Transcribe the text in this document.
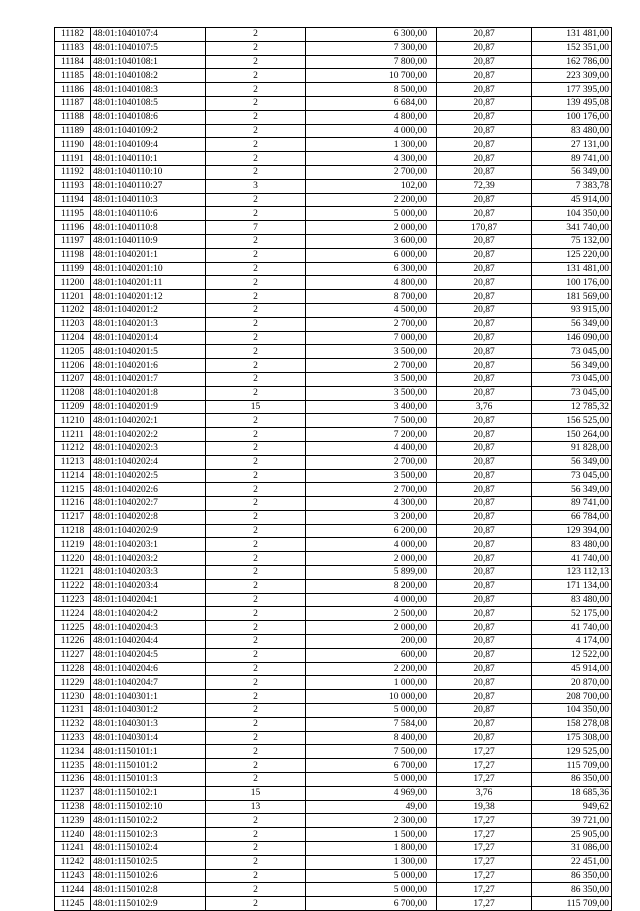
11182	48:01:1040107:4	2	6 300,00	20,87	131 481,00
11183	48:01:1040107:5	2	7 300,00	20,87	152 351,00
11184	48:01:1040108:1	2	7 800,00	20,87	162 786,00
11185	48:01:1040108:2	2	10 700,00	20,87	223 309,00
11186	48:01:1040108:3	2	8 500,00	20,87	177 395,00
11187	48:01:1040108:5	2	6 684,00	20,87	139 495,08
11188	48:01:1040108:6	2	4 800,00	20,87	100 176,00
11189	48:01:1040109:2	2	4 000,00	20,87	83 480,00
11190	48:01:1040109:4	2	1 300,00	20,87	27 131,00
11191	48:01:1040110:1	2	4 300,00	20,87	89 741,00
11192	48:01:1040110:10	2	2 700,00	20,87	56 349,00
11193	48:01:1040110:27	3	102,00	72,39	7 383,78
11194	48:01:1040110:3	2	2 200,00	20,87	45 914,00
11195	48:01:1040110:6	2	5 000,00	20,87	104 350,00
11196	48:01:1040110:8	7	2 000,00	170,87	341 740,00
11197	48:01:1040110:9	2	3 600,00	20,87	75 132,00
11198	48:01:1040201:1	2	6 000,00	20,87	125 220,00
11199	48:01:1040201:10	2	6 300,00	20,87	131 481,00
11200	48:01:1040201:11	2	4 800,00	20,87	100 176,00
11201	48:01:1040201:12	2	8 700,00	20,87	181 569,00
11202	48:01:1040201:2	2	4 500,00	20,87	93 915,00
11203	48:01:1040201:3	2	2 700,00	20,87	56 349,00
11204	48:01:1040201:4	2	7 000,00	20,87	146 090,00
11205	48:01:1040201:5	2	3 500,00	20,87	73 045,00
11206	48:01:1040201:6	2	2 700,00	20,87	56 349,00
11207	48:01:1040201:7	2	3 500,00	20,87	73 045,00
11208	48:01:1040201:8	2	3 500,00	20,87	73 045,00
11209	48:01:1040201:9	15	3 400,00	3,76	12 785,32
11210	48:01:1040202:1	2	7 500,00	20,87	156 525,00
11211	48:01:1040202:2	2	7 200,00	20,87	150 264,00
11212	48:01:1040202:3	2	4 400,00	20,87	91 828,00
11213	48:01:1040202:4	2	2 700,00	20,87	56 349,00
11214	48:01:1040202:5	2	3 500,00	20,87	73 045,00
11215	48:01:1040202:6	2	2 700,00	20,87	56 349,00
11216	48:01:1040202:7	2	4 300,00	20,87	89 741,00
11217	48:01:1040202:8	2	3 200,00	20,87	66 784,00
11218	48:01:1040202:9	2	6 200,00	20,87	129 394,00
11219	48:01:1040203:1	2	4 000,00	20,87	83 480,00
11220	48:01:1040203:2	2	2 000,00	20,87	41 740,00
11221	48:01:1040203:3	2	5 899,00	20,87	123 112,13
11222	48:01:1040203:4	2	8 200,00	20,87	171 134,00
11223	48:01:1040204:1	2	4 000,00	20,87	83 480,00
11224	48:01:1040204:2	2	2 500,00	20,87	52 175,00
11225	48:01:1040204:3	2	2 000,00	20,87	41 740,00
11226	48:01:1040204:4	2	200,00	20,87	4 174,00
11227	48:01:1040204:5	2	600,00	20,87	12 522,00
11228	48:01:1040204:6	2	2 200,00	20,87	45 914,00
11229	48:01:1040204:7	2	1 000,00	20,87	20 870,00
11230	48:01:1040301:1	2	10 000,00	20,87	208 700,00
11231	48:01:1040301:2	2	5 000,00	20,87	104 350,00
11232	48:01:1040301:3	2	7 584,00	20,87	158 278,08
11233	48:01:1040301:4	2	8 400,00	20,87	175 308,00
11234	48:01:1150101:1	2	7 500,00	17,27	129 525,00
11235	48:01:1150101:2	2	6 700,00	17,27	115 709,00
11236	48:01:1150101:3	2	5 000,00	17,27	86 350,00
11237	48:01:1150102:1	15	4 969,00	3,76	18 685,36
11238	48:01:1150102:10	13	49,00	19,38	949,62
11239	48:01:1150102:2	2	2 300,00	17,27	39 721,00
11240	48:01:1150102:3	2	1 500,00	17,27	25 905,00
11241	48:01:1150102:4	2	1 800,00	17,27	31 086,00
11242	48:01:1150102:5	2	1 300,00	17,27	22 451,00
11243	48:01:1150102:6	2	5 000,00	17,27	86 350,00
11244	48:01:1150102:8	2	5 000,00	17,27	86 350,00
11245	48:01:1150102:9	2	6 700,00	17,27	115 709,00
